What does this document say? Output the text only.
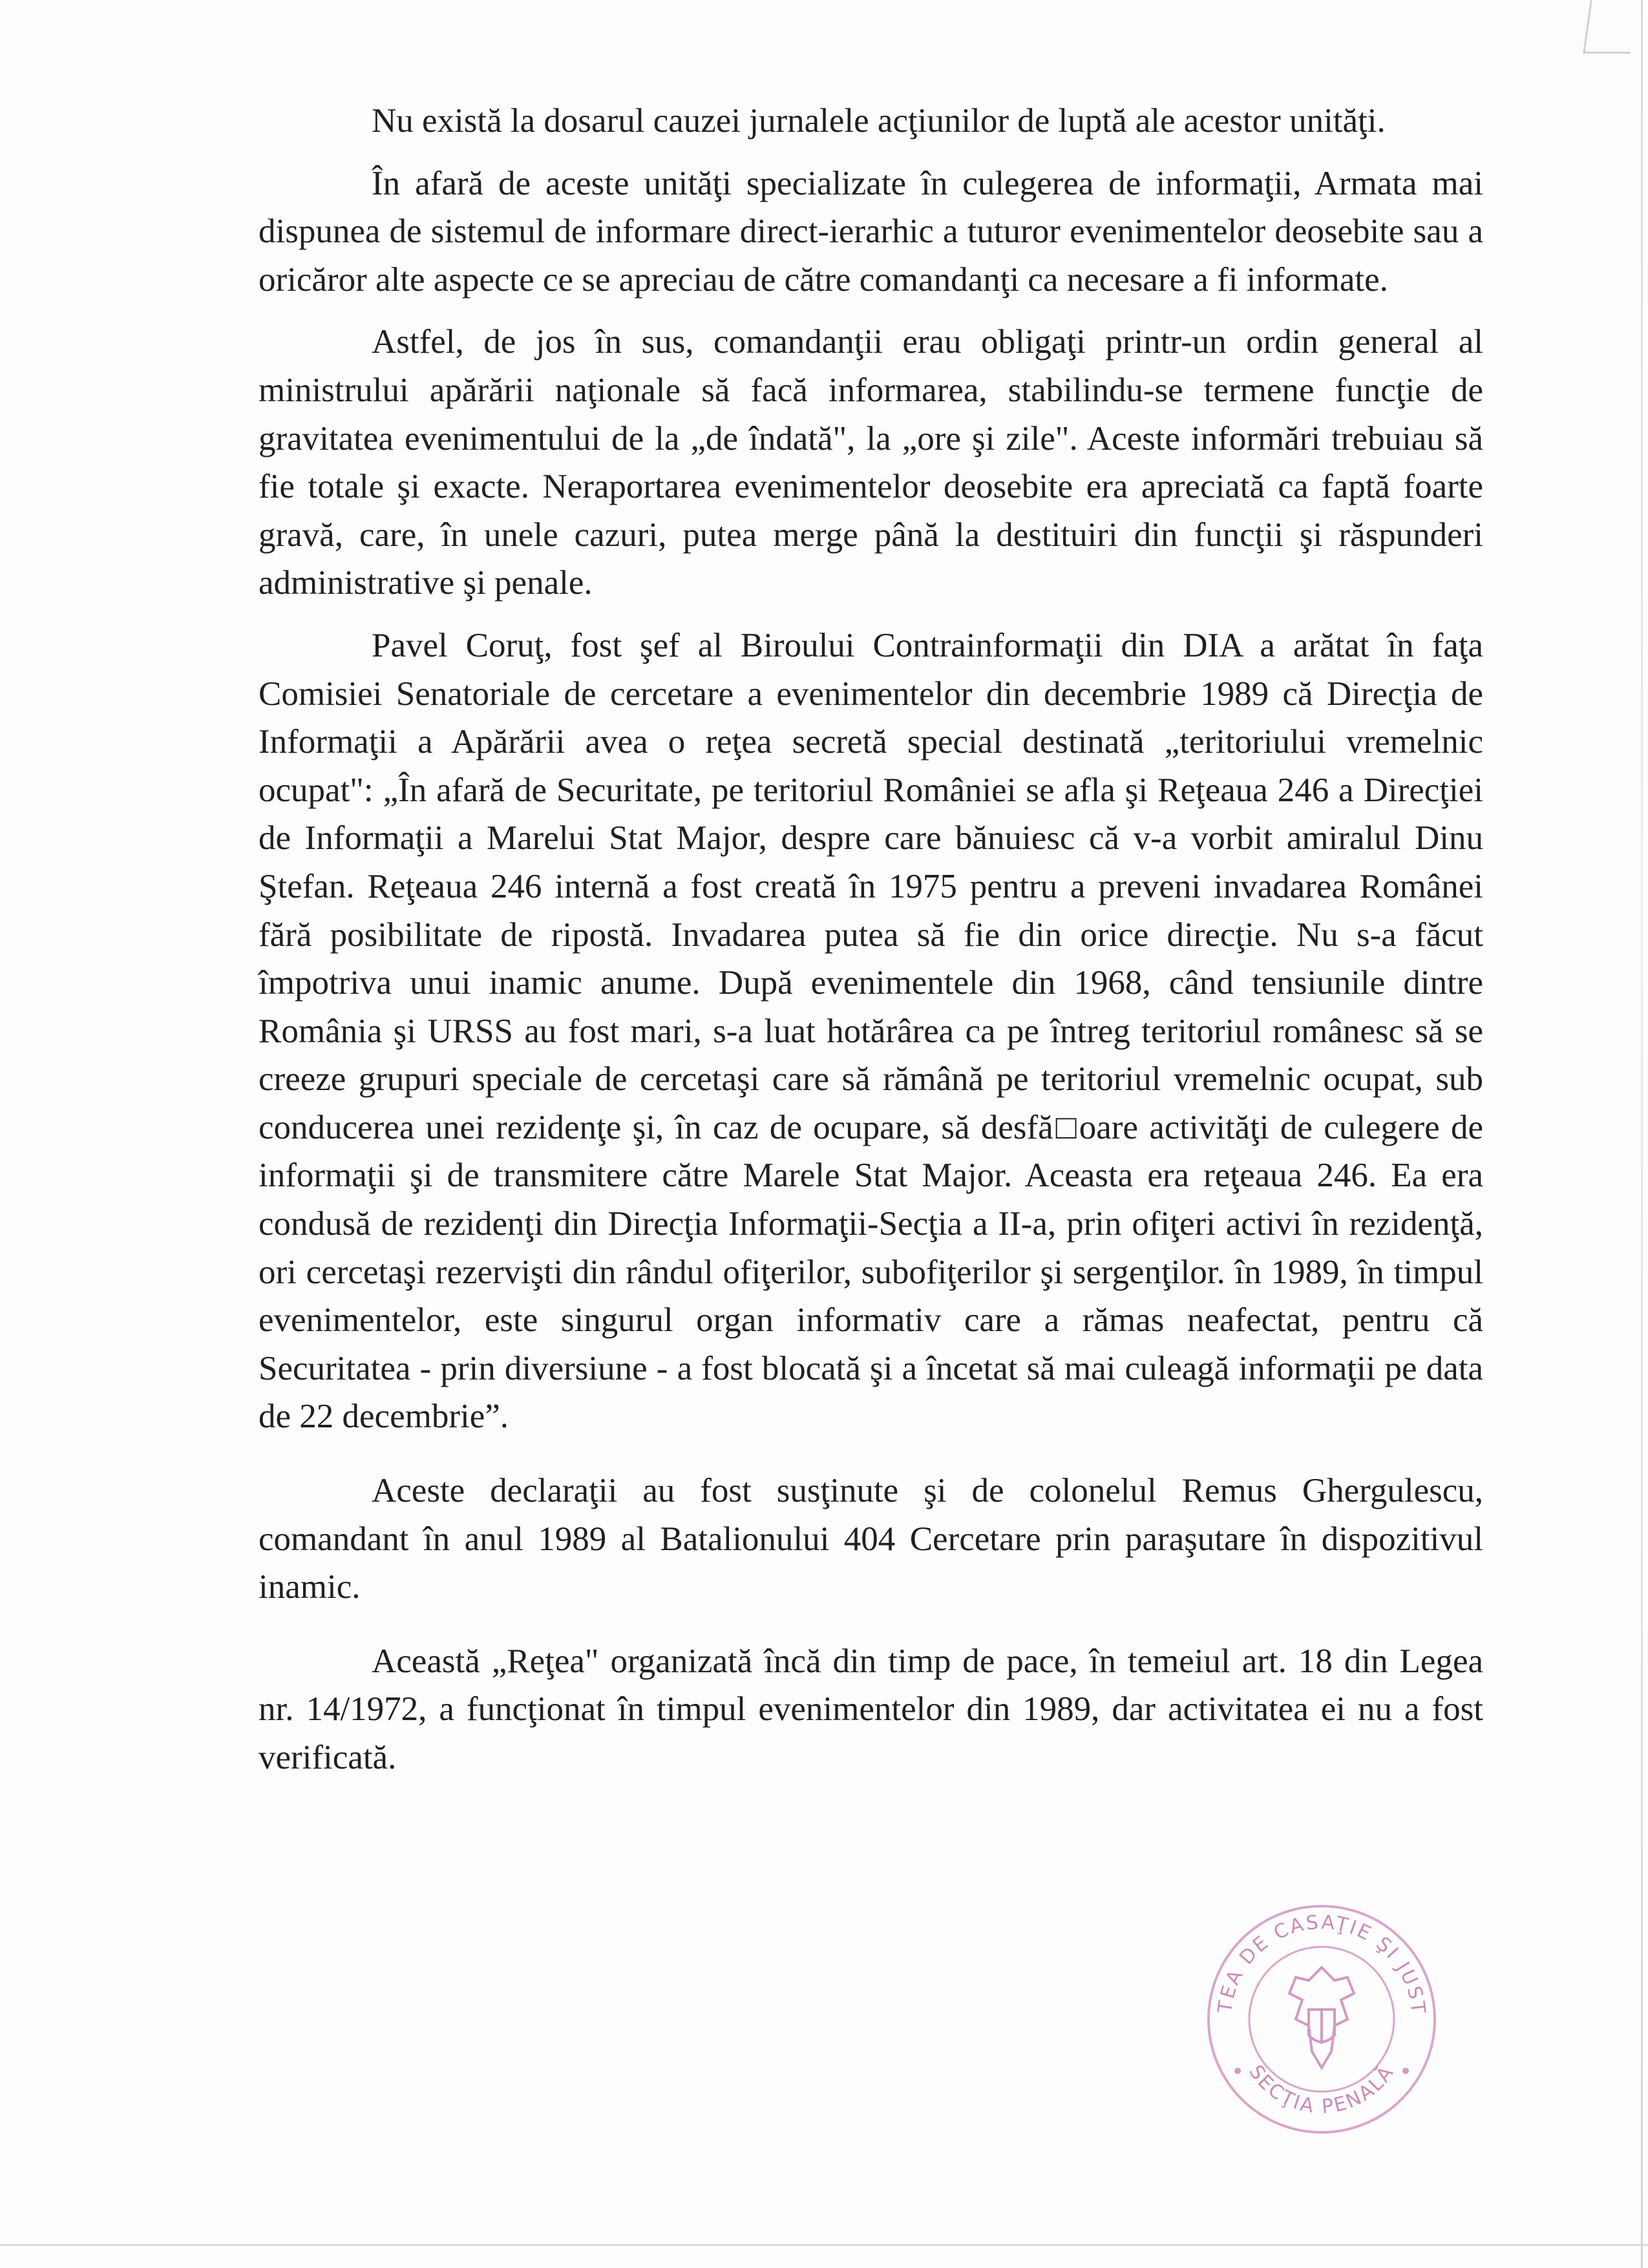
Nu există la dosarul cauzei jurnalele acţiunilor de luptă ale acestor unităţi.

În afară de aceste unităţi specializate în culegerea de informaţii, Armata mai dispunea de sistemul de informare direct-ierarhic a tuturor evenimentelor deosebite sau a oricăror alte aspecte ce se apreciau de către comandanţi ca necesare a fi informate.

Astfel, de jos în sus, comandanţii erau obligaţi printr-un ordin general al ministrului apărării naţionale să facă informarea, stabilindu-se termene funcţie de gravitatea evenimentului de la „de îndată", la „ore şi zile". Aceste informări trebuiau să fie totale şi exacte. Neraportarea evenimentelor deosebite era apreciată ca faptă foarte gravă, care, în unele cazuri, putea merge până la destituiri din funcţii şi răspunderi administrative şi penale.

Pavel Coruţ, fost şef al Biroului Contrainformaţii din DIA a arătat în faţa Comisiei Senatoriale de cercetare a evenimentelor din decembrie 1989 că Direcţia de Informaţii a Apărării avea o reţea secretă special destinată „teritoriului vremelnic ocupat": „În afară de Securitate, pe teritoriul României se afla şi Reţeaua 246 a Direcţiei de Informaţii a Marelui Stat Major, despre care bănuiesc că v-a vorbit amiralul Dinu Ştefan. Reţeaua 246 internă a fost creată în 1975 pentru a preveni invadarea Românei fără posibilitate de ripostă. Invadarea putea să fie din orice direcţie. Nu s-a făcut împotriva unui inamic anume. După evenimentele din 1968, când tensiunile dintre România şi URSS au fost mari, s-a luat hotărârea ca pe întreg teritoriul românesc să se creeze grupuri speciale de cercetaşi care să rămână pe teritoriul vremelnic ocupat, sub conducerea unei rezidenţe şi, în caz de ocupare, să desfă□oare activităţi de culegere de informaţii şi de transmitere către Marele Stat Major. Aceasta era reţeaua 246. Ea era condusă de rezidenţi din Direcţia Informaţii-Secţia a II-a, prin ofiţeri activi în rezidenţă, ori cercetaşi rezervişti din rândul ofiţerilor, subofiţerilor şi sergenţilor. în 1989, în timpul evenimentelor, este singurul organ informativ care a rămas neafectat, pentru că Securitatea - prin diversiune - a fost blocată şi a încetat să mai culeagă informaţii pe data de 22 decembrie”.

Aceste declaraţii au fost susţinute şi de colonelul Remus Ghergulescu, comandant în anul 1989 al Batalionului 404 Cercetare prin paraşutare în dispozitivul inamic.

Această „Reţea" organizată încă din timp de pace, în temeiul art. 18 din Legea nr. 14/1972, a funcţionat în timpul evenimentelor din 1989, dar activitatea ei nu a fost verificată.

TEA DE CASAŢIE ŞI JUST
SECŢIA PENALĂ
